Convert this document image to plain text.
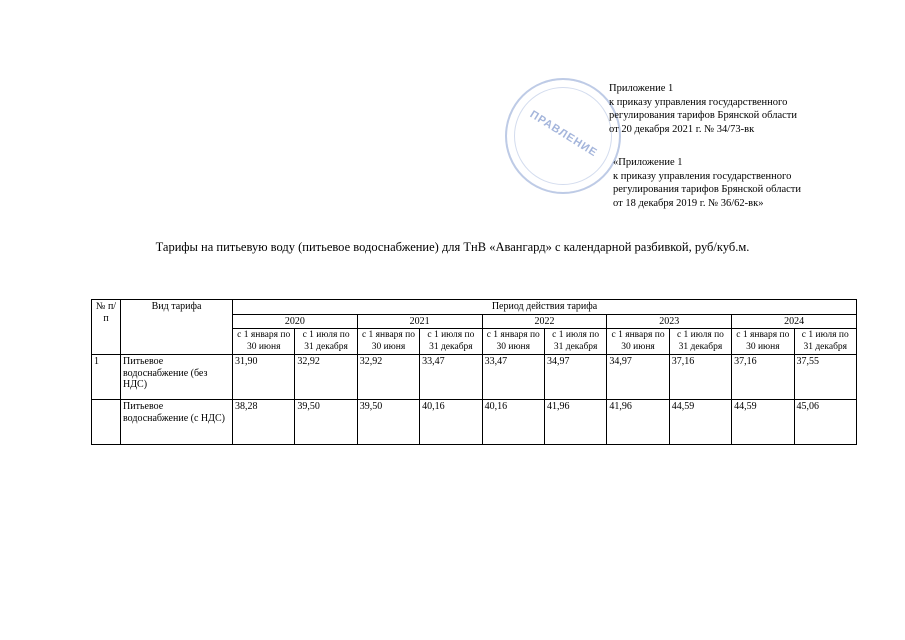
ПРАВЛЕНИЕ
Приложение 1
к приказу управления государственного
регулирования тарифов Брянской области
от 20 декабря 2021 г. № 34/73-вк
«Приложение 1
к приказу управления государственного
регулирования тарифов Брянской области
от 18 декабря 2019 г. № 36/62-вк»
Тарифы на питьевую воду (питьевое водоснабжение) для ТнВ «Авангард» с календарной разбивкой, руб/куб.м.
№ п/п	Вид тарифа	Период действия тарифа									
		2020		2021		2022		2023		2024	
		с 1 января по 30 июня	с 1 июля по 31 декабря	с 1 января по 30 июня	с 1 июля по 31 декабря	с 1 января по 30 июня	с 1 июля по 31 декабря	с 1 января по 30 июня	с 1 июля по 31 декабря	с 1 января по 30 июня	с 1 июля по 31 декабря
1	Питьевое водоснабжение (без НДС)	31,90	32,92	32,92	33,47	33,47	34,97	34,97	37,16	37,16	37,55
	Питьевое водоснабжение (с НДС)	38,28	39,50	39,50	40,16	40,16	41,96	41,96	44,59	44,59	45,06
